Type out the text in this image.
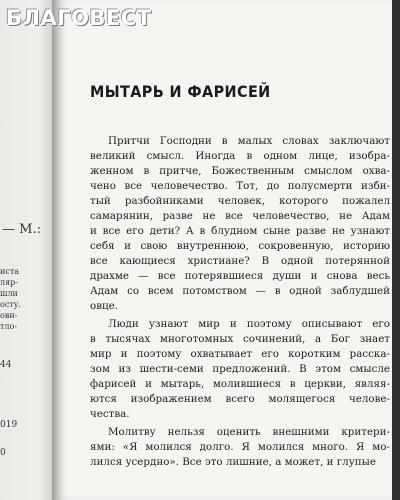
— М.:
иста
ляр-
шли
осту.
ови-
тло-
44
019
0
МЫТАРЬ И ФАРИСЕЙ
Притчи Господни в малых словах заключают
великий смысл. Иногда в одном лице, изобра-
женном в притче, Божественным смыслом охва-
чено все человечество. Тот, до полусмерти изби-
тый разбойниками человек, которого пожалел
самарянин, разве не все человечество, не Адам
и все его дети? А в блудном сыне разве не узнают
себя и свою внутреннюю, сокровенную, историю
все кающиеся христиане? В одной потерянной
драхме — все потерявшиеся души и снова весь
Адам со всем потомством — в одной заблудшей
овце.
Люди узнают мир и поэтому описывают его
в тысячах многотомных сочинений, а Бог знает
мир и поэтому охватывает его коротким расска-
зом из шести-семи предложений. В этом смысле
фарисей и мытарь, молившиеся в церкви, являя-
ются изображением всего молящегося челове-
чества.
Молитву нельзя оценить внешними критери-
ями: «Я молился долго. Я молился много. Я мо-
лился усердно». Все это лишние, а может, и глупые
БЛАГОВЕСТ
